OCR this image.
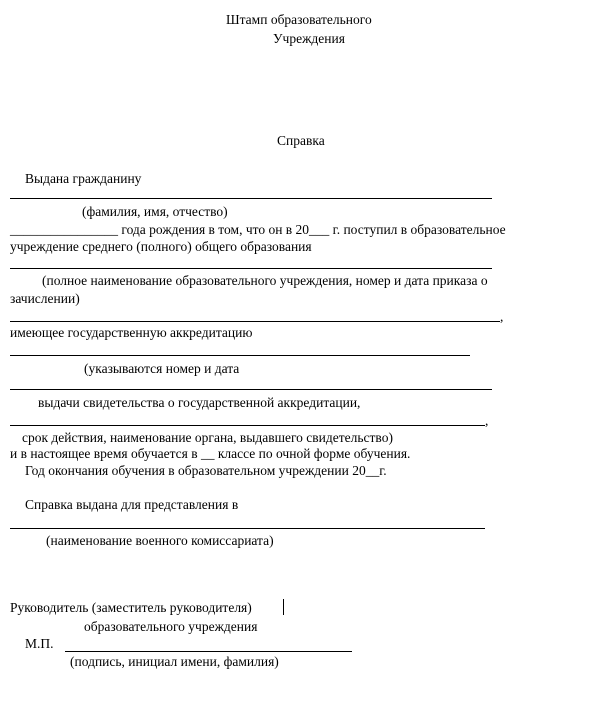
Штамп образовательного
Учреждения
Справка
Выдана гражданину
(фамилия, имя, отчество)
________________ года рождения в том, что он в 20___ г. поступил в образовательное
учреждение среднего (полного) общего образования
(полное наименование образовательного учреждения, номер и дата приказа о
зачислении)
,
имеющее государственную аккредитацию
(указываются номер и дата
выдачи свидетельства о государственной аккредитации,
,
срок действия, наименование органа, выдавшего свидетельство)
и в настоящее время обучается в __ классе по очной форме обучения.
Год окончания обучения в образовательном учреждении 20__г.
Справка выдана для представления в
(наименование военного комиссариата)
Руководитель (заместитель руководителя)
образовательного учреждения
М.П.
(подпись, инициал имени, фамилия)
